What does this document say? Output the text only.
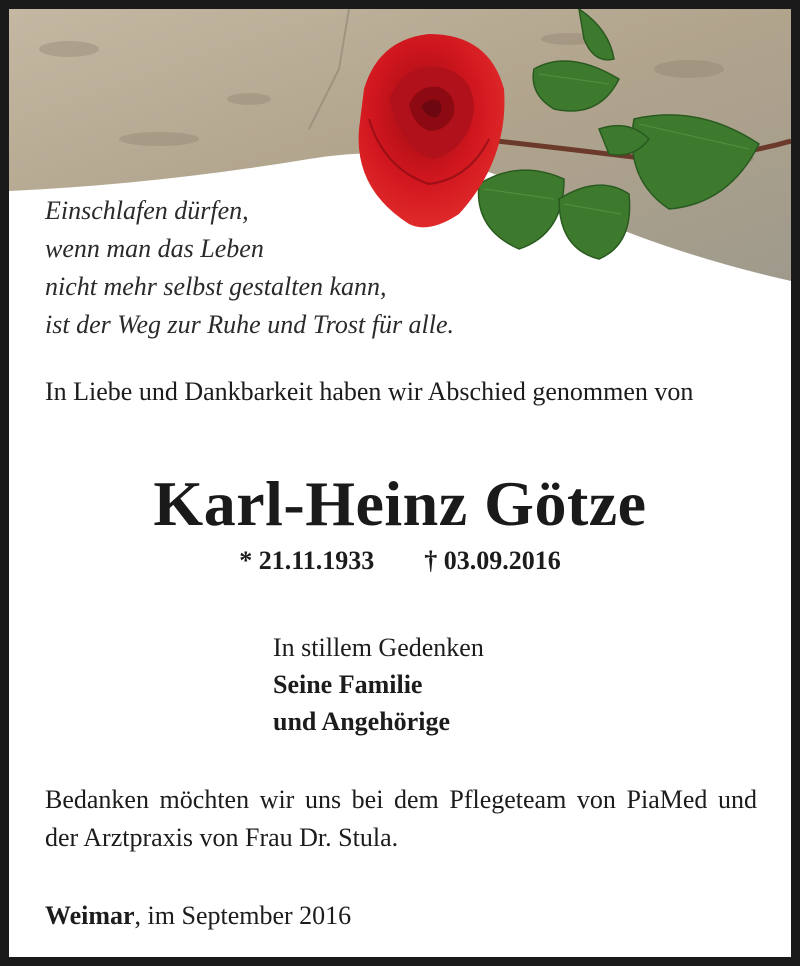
Einschlafen dürfen,
wenn man das Leben
nicht mehr selbst gestalten kann,
ist der Weg zur Ruhe und Trost für alle.
In Liebe und Dankbarkeit haben wir Abschied genommen von
Karl-Heinz Götze
* 21.11.1933 † 03.09.2016
In stillem Gedenken
Seine Familie
und Angehörige
Bedanken möchten wir uns bei dem Pflegeteam von PiaMed und der Arztpraxis von Frau Dr. Stula.
Weimar, im September 2016
